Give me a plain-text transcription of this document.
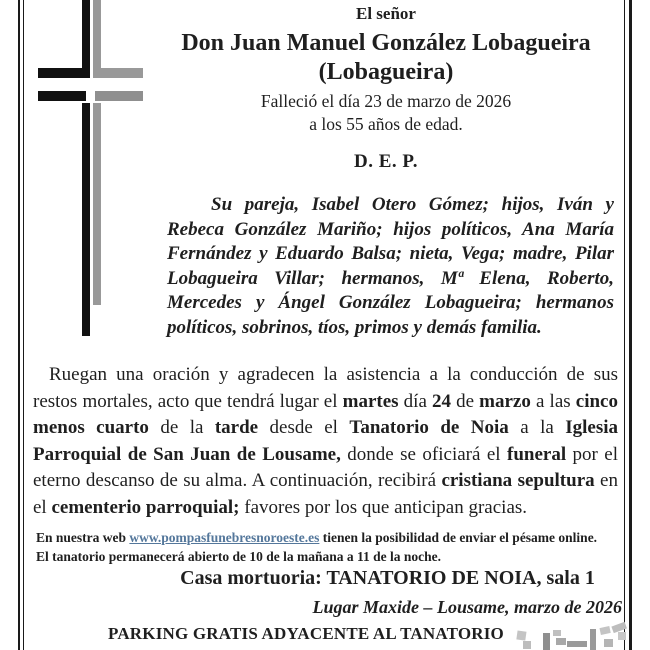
El señor
Don Juan Manuel González Lobagueira
(Lobagueira)
Falleció el día 23 de marzo de 2026
a los 55 años de edad.
D. E. P.
Su pareja, Isabel Otero Gómez; hijos, Iván y Rebeca González Mariño; hijos políticos, Ana María Fernández y Eduardo Balsa; nieta, Vega; madre, Pilar Lobagueira Villar; hermanos, Mª Elena, Roberto, Mercedes y Ángel González Lobagueira; hermanos políticos, sobrinos, tíos, primos y demás familia.
Ruegan una oración y agradecen la asistencia a la conducción de sus restos mortales, acto que tendrá lugar el martes día 24 de marzo a las cinco menos cuarto de la tarde desde el Tanatorio de Noia a la Iglesia Parroquial de San Juan de Lousame, donde se oficiará el funeral por el eterno descanso de su alma. A continuación, recibirá cristiana sepultura en el cementerio parroquial; favores por los que anticipan gracias.
En nuestra web www.pompasfunebresnoroeste.es tienen la posibilidad de enviar el pésame online.
El tanatorio permanecerá abierto de 10 de la mañana a 11 de la noche.
Casa mortuoria: TANATORIO DE NOIA, sala 1
Lugar Maxide – Lousame, marzo de 2026
PARKING GRATIS ADYACENTE AL TANATORIO
